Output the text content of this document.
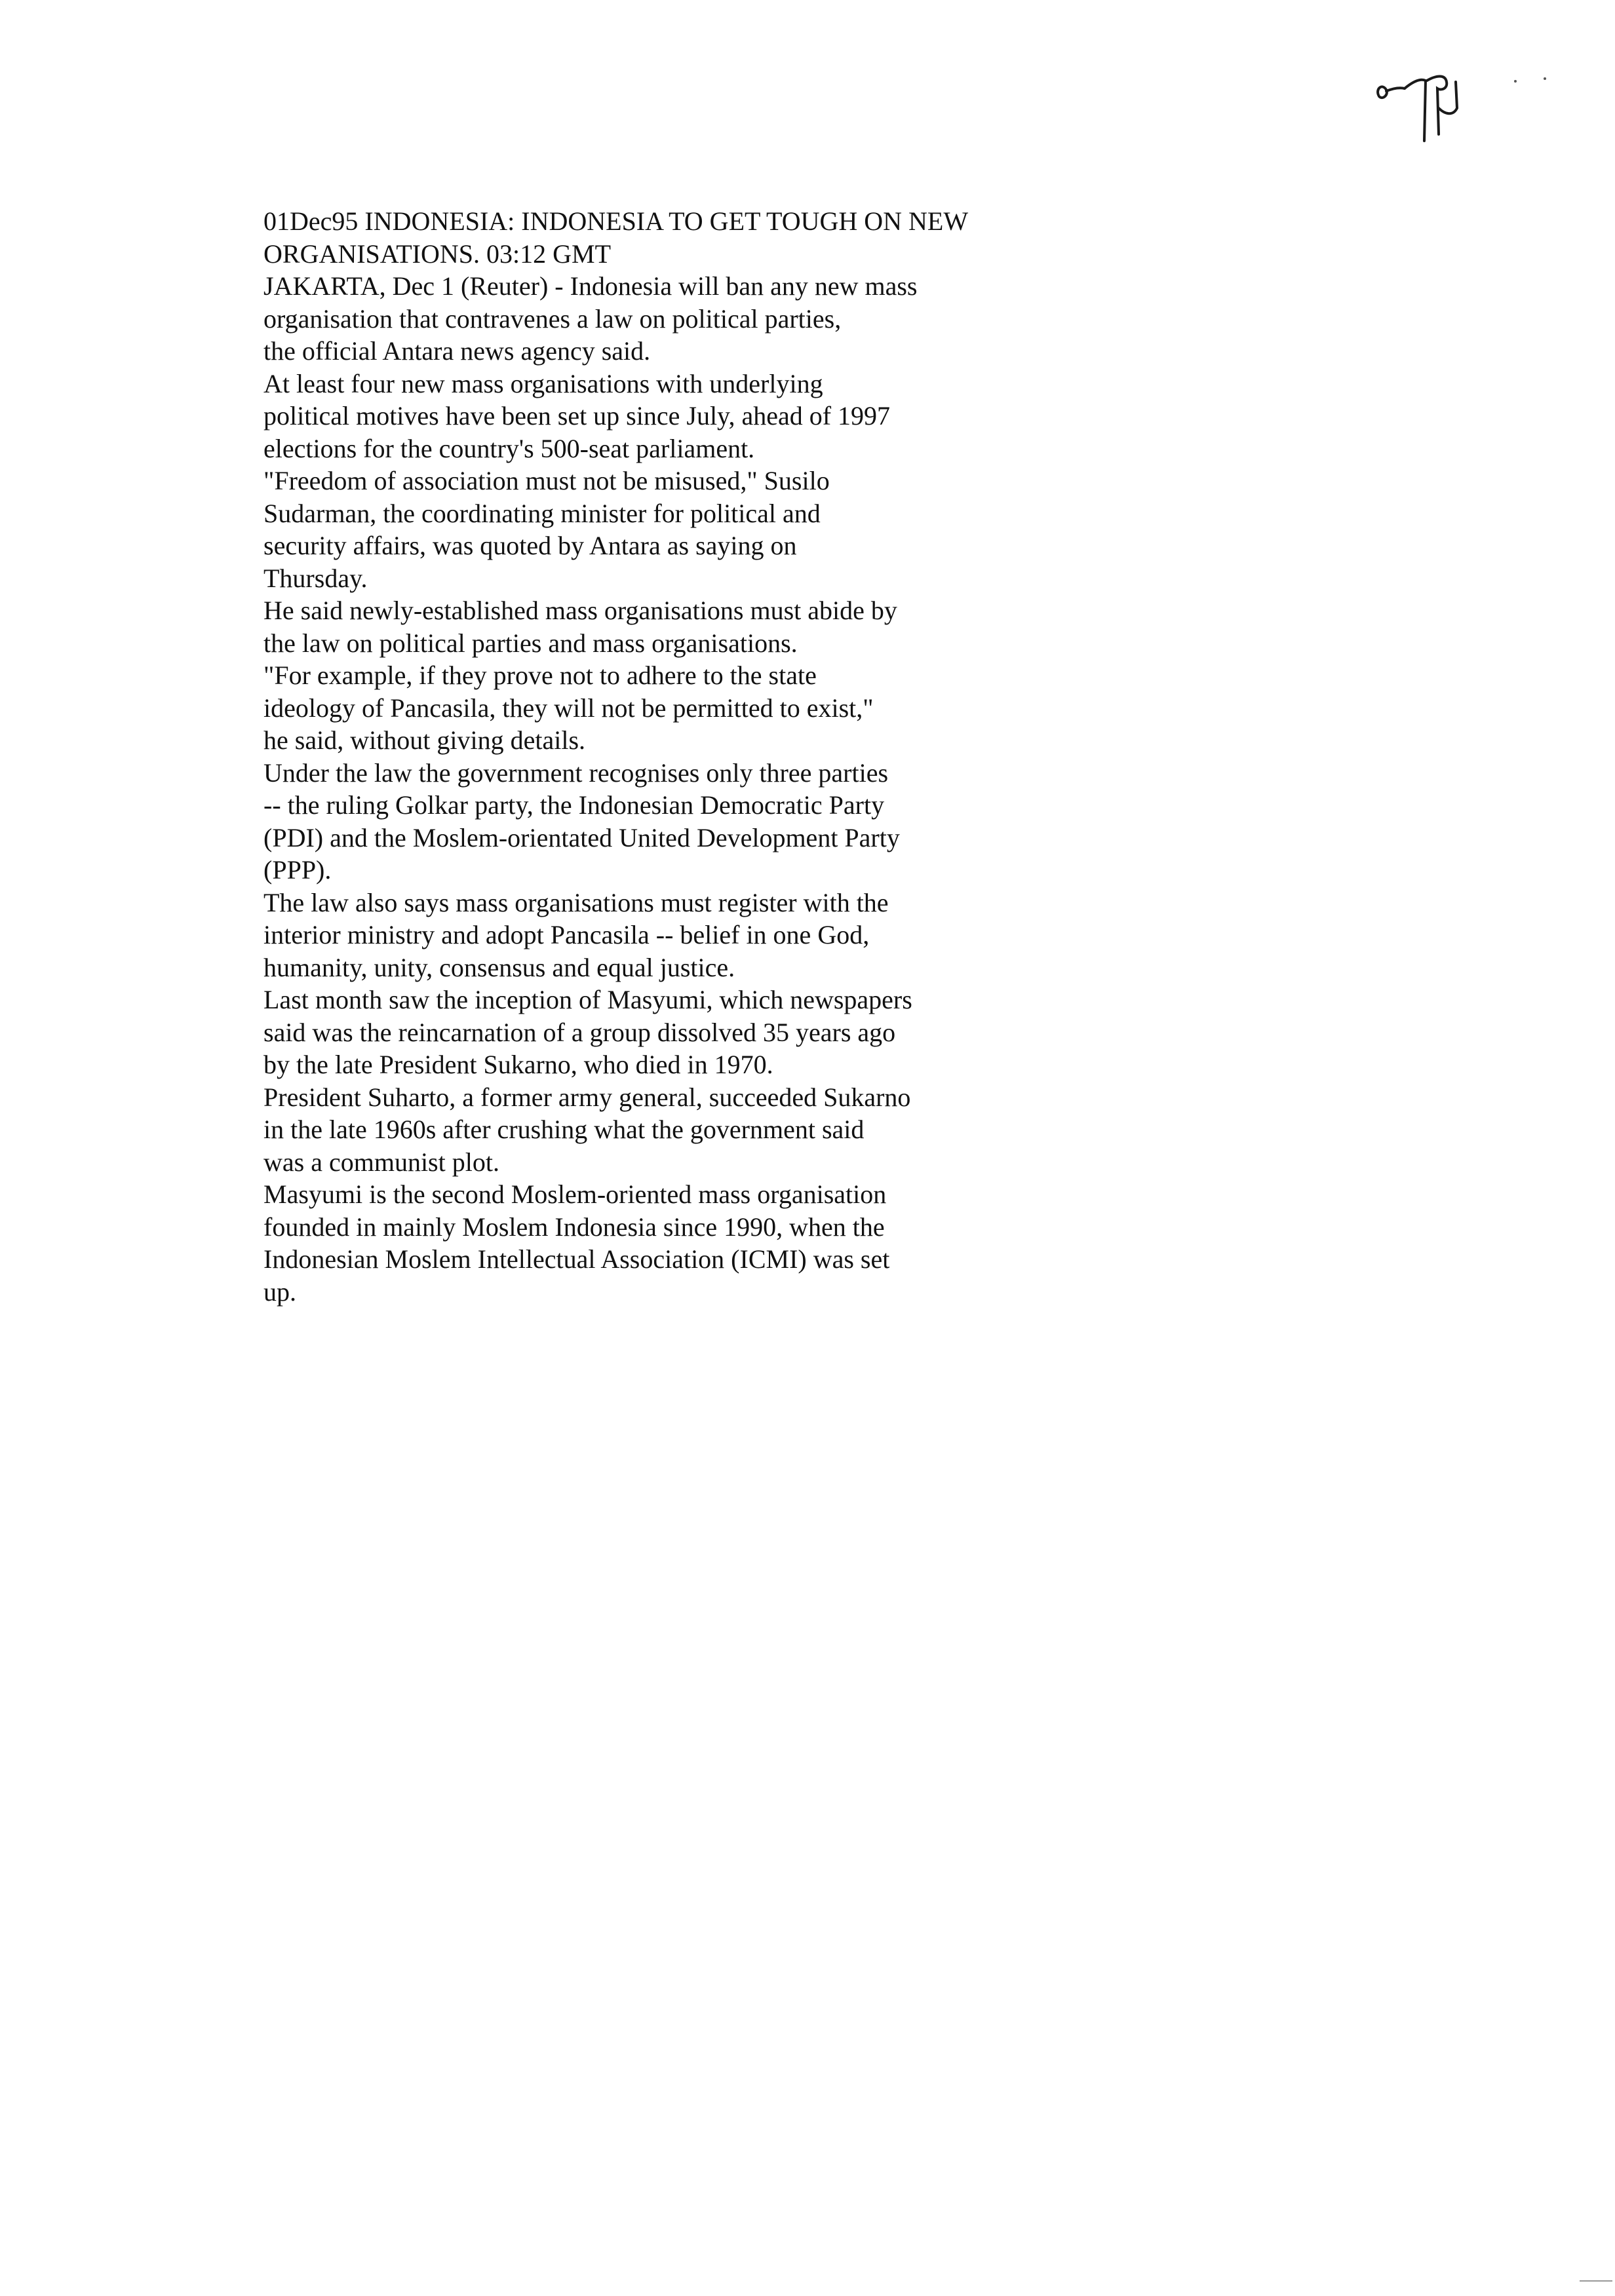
01Dec95 INDONESIA: INDONESIA TO GET TOUGH ON NEW
ORGANISATIONS. 03:12 GMT
JAKARTA, Dec 1 (Reuter) - Indonesia will ban any new mass
organisation that contravenes a law on political parties,
the official Antara news agency said.
At least four new mass organisations with underlying
political motives have been set up since July, ahead of 1997
elections for the country's 500-seat parliament.
"Freedom of association must not be misused," Susilo
Sudarman, the coordinating minister for political and
security affairs, was quoted by Antara as saying on
Thursday.
He said newly-established mass organisations must abide by
the law on political parties and mass organisations.
"For example, if they prove not to adhere to the state
ideology of Pancasila, they will not be permitted to exist,"
he said, without giving details.
Under the law the government recognises only three parties
-- the ruling Golkar party, the Indonesian Democratic Party
(PDI) and the Moslem-orientated United Development Party
(PPP).
The law also says mass organisations must register with the
interior ministry and adopt Pancasila -- belief in one God,
humanity, unity, consensus and equal justice.
Last month saw the inception of Masyumi, which newspapers
said was the reincarnation of a group dissolved 35 years ago
by the late President Sukarno, who died in 1970.
President Suharto, a former army general, succeeded Sukarno
in the late 1960s after crushing what the government said
was a communist plot.
Masyumi is the second Moslem-oriented mass organisation
founded in mainly Moslem Indonesia since 1990, when the
Indonesian Moslem Intellectual Association (ICMI) was set
up.
